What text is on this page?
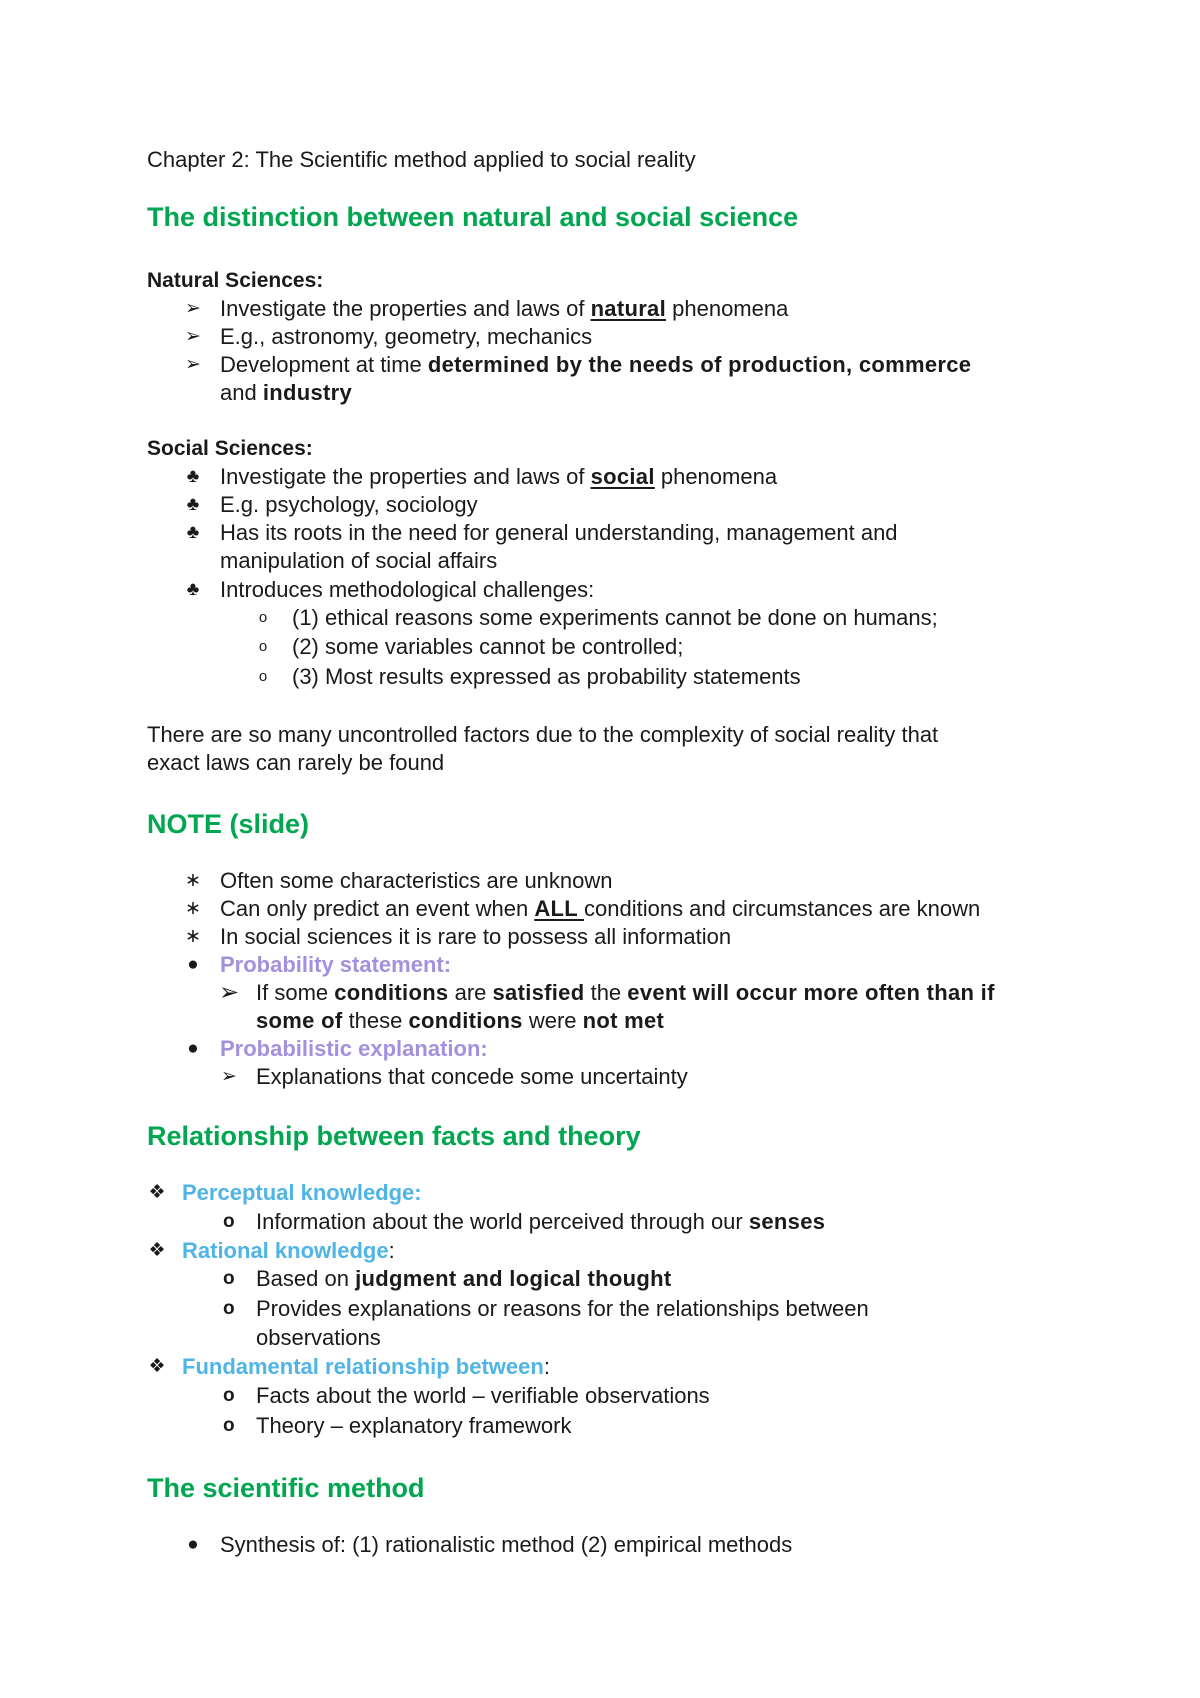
Chapter 2: The Scientific method applied to social reality
The distinction between natural and social science
Natural Sciences:
➢ Investigate the properties and laws of natural phenomena
➢ E.g., astronomy, geometry, mechanics
➢ Development at time determined by the needs of production, commerce
and industry
Social Sciences:
♣ Investigate the properties and laws of social phenomena
♣ E.g. psychology, sociology
♣ Has its roots in the need for general understanding, management and
manipulation of social affairs
♣ Introduces methodological challenges:
o	(1) ethical reasons some experiments cannot be done on humans;
o	(2) some variables cannot be controlled;
o	(3) Most results expressed as probability statements
There are so many uncontrolled factors due to the complexity of social reality that
exact laws can rarely be found
NOTE (slide)
∗ Often some characteristics are unknown
∗ Can only predict an event when ALL conditions and circumstances are known
∗ In social sciences it is rare to possess all information
● Probability statement:
➢ If some conditions are satisfied the event will occur more often than if
some of these conditions were not met
● Probabilistic explanation:
➢ Explanations that concede some uncertainty
Relationship between facts and theory
❖ Perceptual knowledge:
o Information about the world perceived through our senses
❖ Rational knowledge:
o Based on judgment and logical thought
o Provides explanations or reasons for the relationships between
observations
❖ Fundamental relationship between:
o Facts about the world – verifiable observations
o Theory – explanatory framework
The scientific method
● Synthesis of: (1) rationalistic method (2) empirical methods
